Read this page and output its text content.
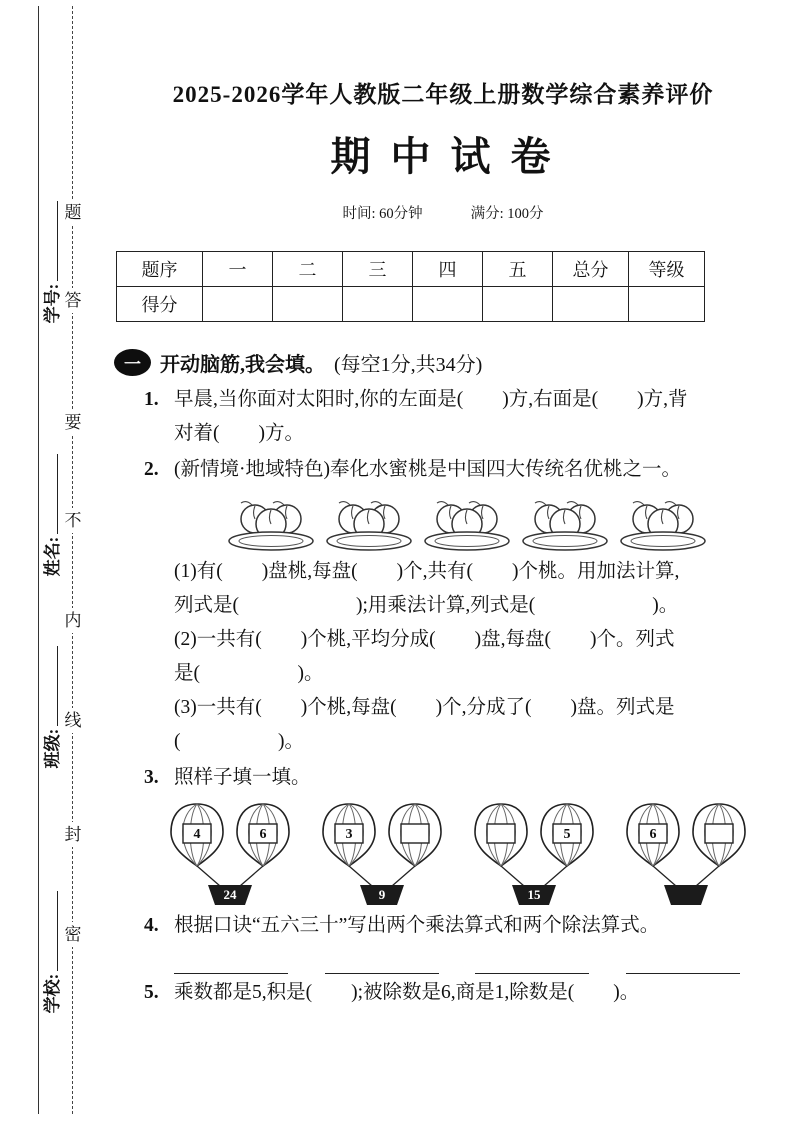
学号:
姓名:
班级:
学校:
题
答
要
不
内
线
封
密
2025-2026学年人教版二年级上册数学综合素养评价
期 中 试 卷
时间: 60分钟	满分: 100分
题序	一	二	三	四	五	总分	等级
得分							
一 开动脑筋,我会填。 (每空1分,共34分)
1. 早晨,当你面对太阳时,你的左面是(　　)方,右面是(　　)方,背
对着(　　)方。
2. (新情境·地域特色)奉化水蜜桃是中国四大传统名优桃之一。
(1)有(　　)盘桃,每盘(　　)个,共有(　　)个桃。用加法计算,
列式是(　　　　　　);用乘法计算,列式是(　　　　　　)。
(2)一共有(　　)个桃,平均分成(　　)盘,每盘(　　)个。列式
是(　　　　　)。
(3)一共有(　　)个桃,每盘(　　)个,分成了(　　)盘。列式是
(　　　　　)。
3. 照样子填一填。
4	6
24
3
9
5
15
6
4. 根据口诀“五六三十”写出两个乘法算式和两个除法算式。
5. 乘数都是5,积是(　　);被除数是6,商是1,除数是(　　)。
